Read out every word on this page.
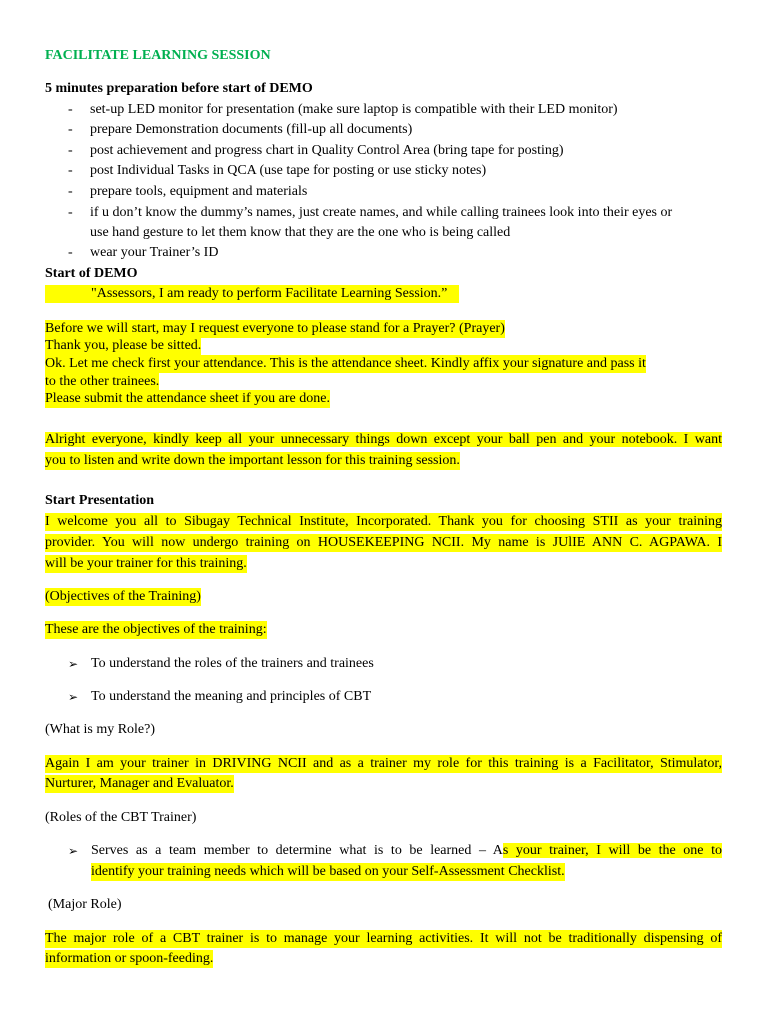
FACILITATE LEARNING SESSION
5 minutes preparation before start of DEMO
- set-up LED monitor for presentation (make sure laptop is compatible with their LED monitor)
- prepare Demonstration documents (fill-up all documents)
- post achievement and progress chart in Quality Control Area (bring tape for posting)
- post Individual Tasks in QCA (use tape for posting or use sticky notes)
- prepare tools, equipment and materials
- if u don’t know the dummy’s names, just create names, and while calling trainees look into their eyes or
use hand gesture to let them know that they are the one who is being called
- wear your Trainer’s ID
Start of DEMO
"Assessors, I am ready to perform Facilitate Learning Session.”
Before we will start, may I request everyone to please stand for a Prayer? (Prayer)
Thank you, please be sitted.
Ok. Let me check first your attendance. This is the attendance sheet. Kindly affix your signature and pass it
to the other trainees.
Please submit the attendance sheet if you are done.
Alright everyone, kindly keep all your unnecessary things down except your ball pen and your notebook. I want
you to listen and write down the important lesson for this training session.
Start Presentation
I welcome you all to Sibugay Technical Institute, Incorporated. Thank you for choosing STII as your training
provider. You will now undergo training on HOUSEKEEPING NCII. My name is JUlIE ANN C. AGPAWA. I
will be your trainer for this training.
(Objectives of the Training)
These are the objectives of the training:
➢ To understand the roles of the trainers and trainees
➢ To understand the meaning and principles of CBT
(What is my Role?)
Again I am your trainer in DRIVING NCII and as a trainer my role for this training is a Facilitator, Stimulator,
Nurturer, Manager and Evaluator.
(Roles of the CBT Trainer)
➢ Serves as a team member to determine what is to be learned – As your trainer, I will be the one to
identify your training needs which will be based on your Self-Assessment Checklist.
(Major Role)
The major role of a CBT trainer is to manage your learning activities. It will not be traditionally dispensing of
information or spoon-feeding.
